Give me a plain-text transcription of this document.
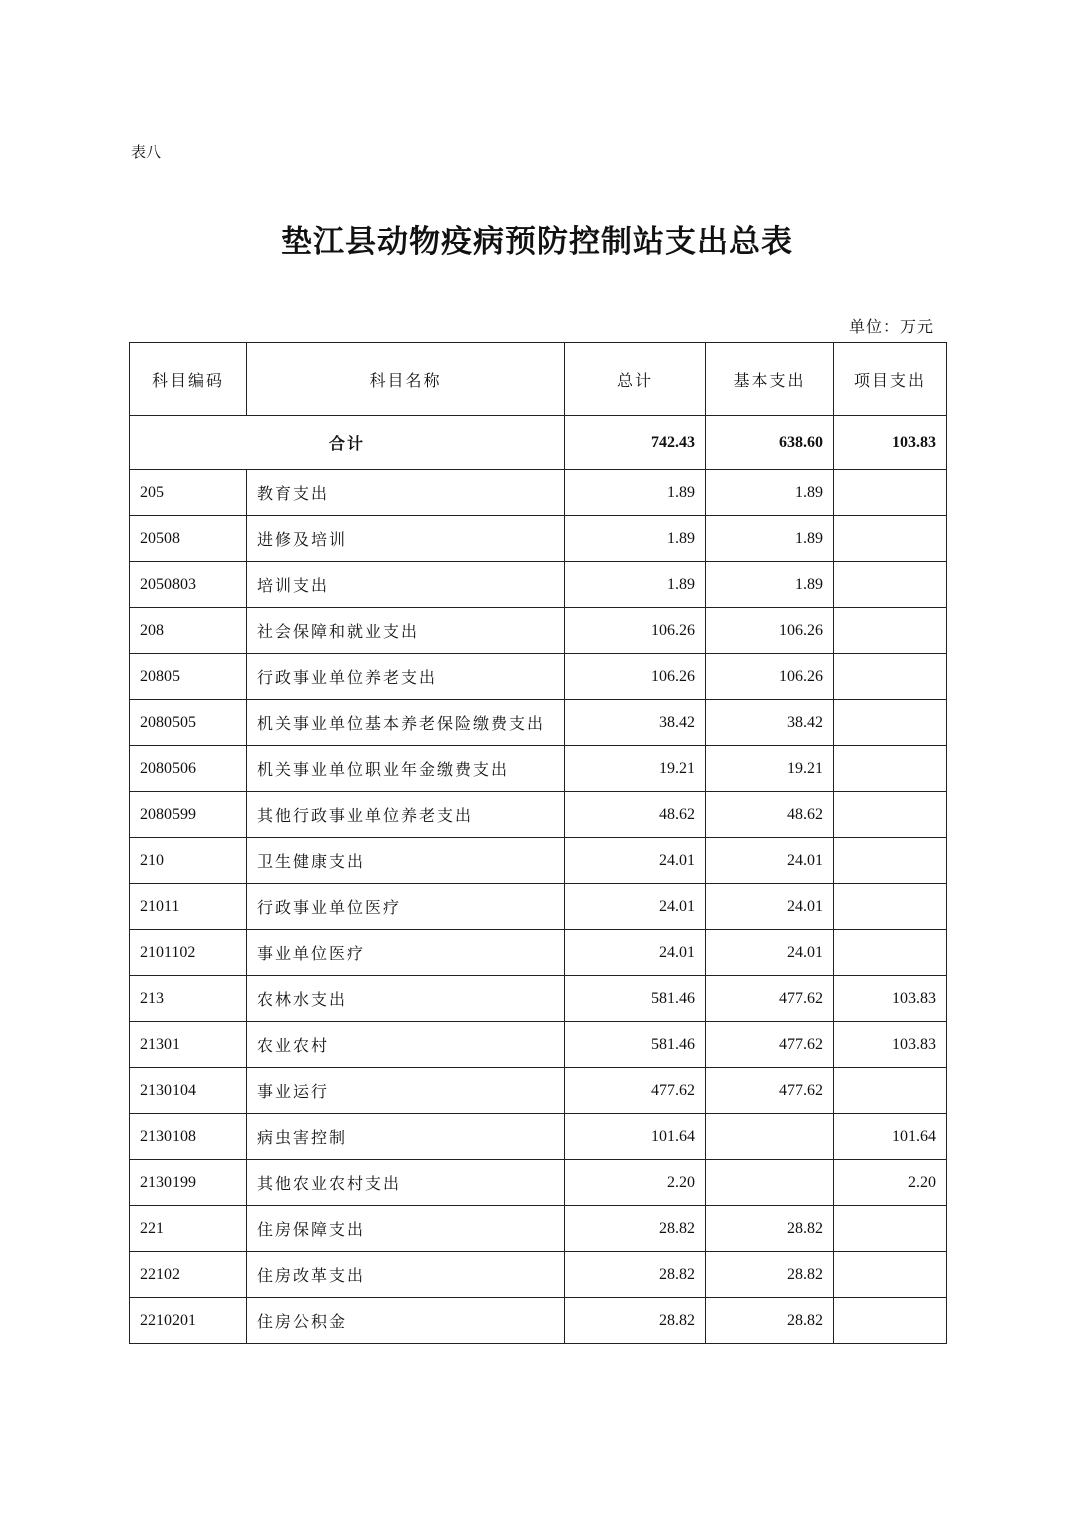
表八
垫江县动物疫病预防控制站支出总表
单位：万元
科目编码	科目名称	总计	基本支出	项目支出
合计		742.43	638.60	103.83
205	教育支出	1.89	1.89	
20508	进修及培训	1.89	1.89	
2050803	培训支出	1.89	1.89	
208	社会保障和就业支出	106.26	106.26	
20805	行政事业单位养老支出	106.26	106.26	
2080505	机关事业单位基本养老保险缴费支出	38.42	38.42	
2080506	机关事业单位职业年金缴费支出	19.21	19.21	
2080599	其他行政事业单位养老支出	48.62	48.62	
210	卫生健康支出	24.01	24.01	
21011	行政事业单位医疗	24.01	24.01	
2101102	事业单位医疗	24.01	24.01	
213	农林水支出	581.46	477.62	103.83
21301	农业农村	581.46	477.62	103.83
2130104	事业运行	477.62	477.62	
2130108	病虫害控制	101.64		101.64
2130199	其他农业农村支出	2.20		2.20
221	住房保障支出	28.82	28.82	
22102	住房改革支出	28.82	28.82	
2210201	住房公积金	28.82	28.82	
